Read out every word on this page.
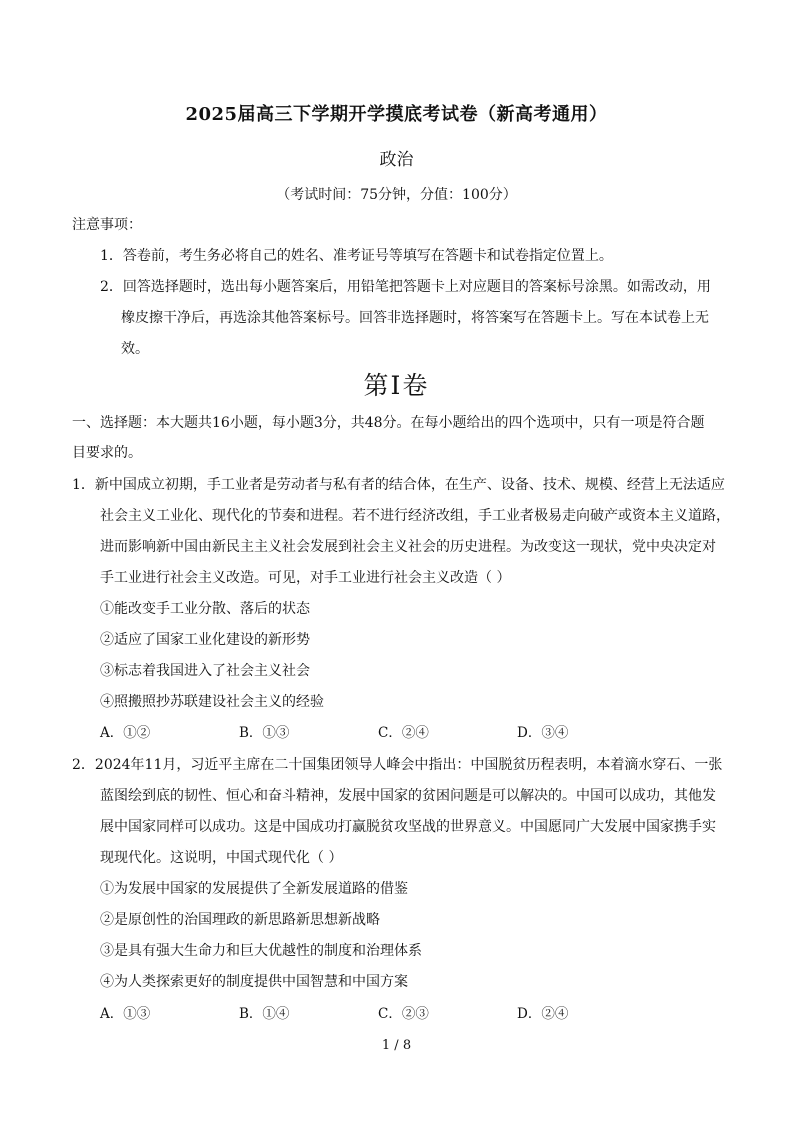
2025届高三下学期开学摸底考试卷（新高考通用）
政治
（考试时间：75分钟，分值：100分）
注意事项：
1．答卷前，考生务必将自己的姓名、准考证号等填写在答题卡和试卷指定位置上。
2．回答选择题时，选出每小题答案后，用铅笔把答题卡上对应题目的答案标号涂黑。如需改动，用
橡皮擦干净后，再选涂其他答案标号。回答非选择题时，将答案写在答题卡上。写在本试卷上无
效。
第Ⅰ卷
一、选择题：本大题共16小题，每小题3分，共48分。在每小题给出的四个选项中，只有一项是符合题
目要求的。
1．新中国成立初期，手工业者是劳动者与私有者的结合体，在生产、设备、技术、规模、经营上无法适应
社会主义工业化、现代化的节奏和进程。若不进行经济改组，手工业者极易走向破产或资本主义道路，
进而影响新中国由新民主主义社会发展到社会主义社会的历史进程。为改变这一现状，党中央决定对
手工业进行社会主义改造。可见，对手工业进行社会主义改造（ ）
①能改变手工业分散、落后的状态
②适应了国家工业化建设的新形势
③标志着我国进入了社会主义社会
④照搬照抄苏联建设社会主义的经验
A．①②	B．①③	C．②④	D．③④
2．2024年11月，习近平主席在二十国集团领导人峰会中指出：中国脱贫历程表明，本着滴水穿石、一张
蓝图绘到底的韧性、恒心和奋斗精神，发展中国家的贫困问题是可以解决的。中国可以成功，其他发
展中国家同样可以成功。这是中国成功打赢脱贫攻坚战的世界意义。中国愿同广大发展中国家携手实
现现代化。这说明，中国式现代化（ ）
①为发展中国家的发展提供了全新发展道路的借鉴
②是原创性的治国理政的新思路新思想新战略
③是具有强大生命力和巨大优越性的制度和治理体系
④为人类探索更好的制度提供中国智慧和中国方案
A．①③	B．①④	C．②③	D．②④
1 / 8
